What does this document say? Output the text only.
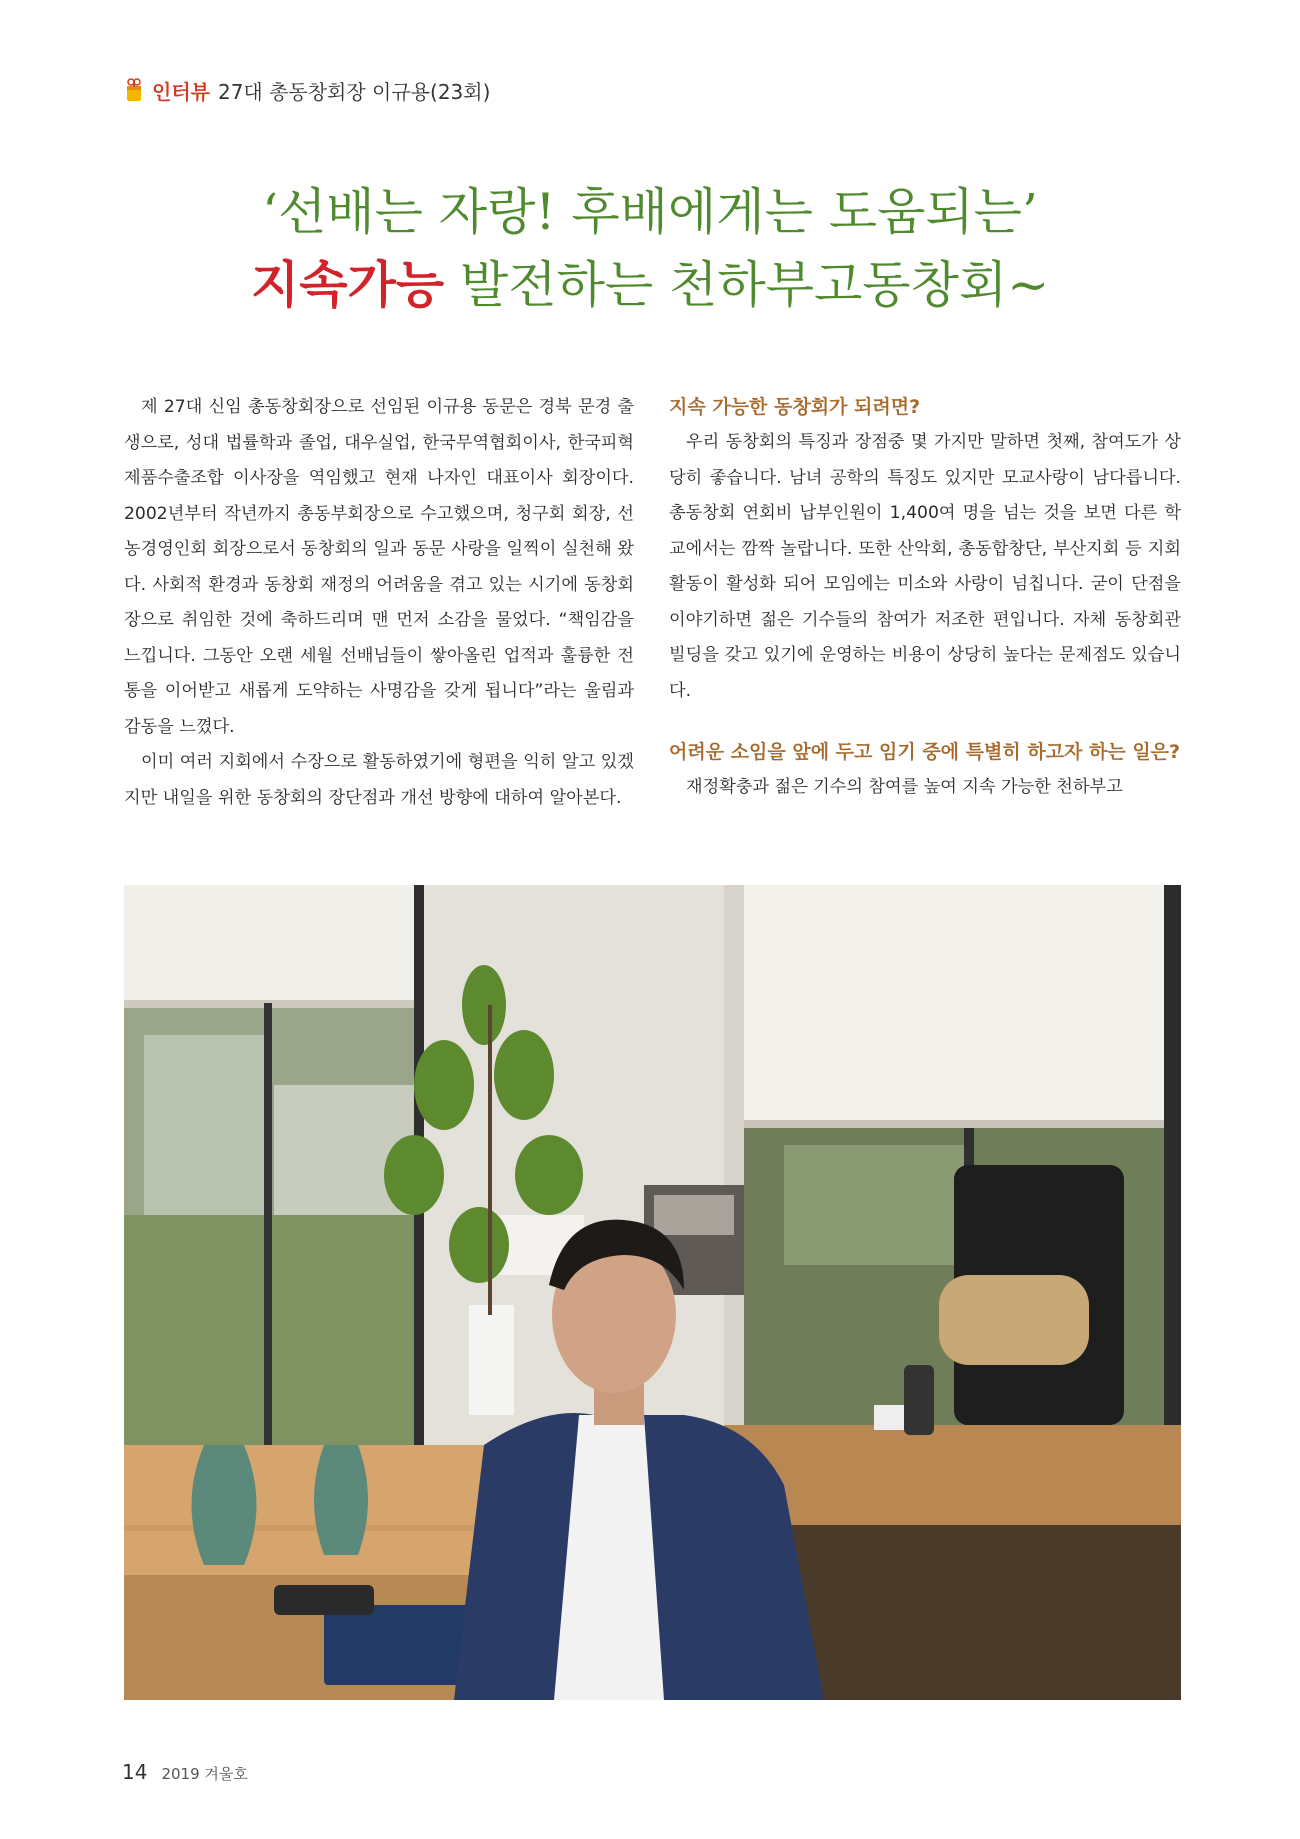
인터뷰 27대 총동창회장 이규용(23회)
‘선배는 자랑! 후배에게는 도움되는’
지속가능 발전하는 천하부고동창회~

제 27대 신임 총동창회장으로 선임된 이규용 동문은 경북 문경 출생으로, 성대 법률학과 졸업, 대우실업, 한국무역협회이사, 한국피혁제품수출조합 이사장을 역임했고 현재 나자인 대표이사 회장이다. 2002년부터 작년까지 총동부회장으로 수고했으며, 청구회 회장, 선농경영인회 회장으로서 동창회의 일과 동문 사랑을 일찍이 실천해 왔다. 사회적 환경과 동창회 재정의 어려움을 겪고 있는 시기에 동창회장으로 취임한 것에 축하드리며 맨 먼저 소감을 물었다. “책임감을 느낍니다. 그동안 오랜 세월 선배님들이 쌓아올린 업적과 훌륭한 전통을 이어받고 새롭게 도약하는 사명감을 갖게 됩니다”라는 울림과 감동을 느꼈다.

이미 여러 지회에서 수장으로 활동하였기에 형편을 익히 알고 있겠지만 내일을 위한 동창회의 장단점과 개선 방향에 대하여 알아본다.

지속 가능한 동창회가 되려면?

우리 동창회의 특징과 장점중 몇 가지만 말하면 첫째, 참여도가 상당히 좋습니다. 남녀 공학의 특징도 있지만 모교사랑이 남다릅니다. 총동창회 연회비 납부인원이 1,400여 명을 넘는 것을 보면 다른 학교에서는 깜짝 놀랍니다. 또한 산악회, 총동합창단, 부산지회 등 지회활동이 활성화 되어 모임에는 미소와 사랑이 넘칩니다. 굳이 단점을 이야기하면 젊은 기수들의 참여가 저조한 편입니다. 자체 동창회관 빌딩을 갖고 있기에 운영하는 비용이 상당히 높다는 문제점도 있습니다.

어려운 소임을 앞에 두고 임기 중에 특별히 하고자 하는 일은?

재정확충과 젊은 기수의 참여를 높여 지속 가능한 천하부고

14 2019 겨울호
